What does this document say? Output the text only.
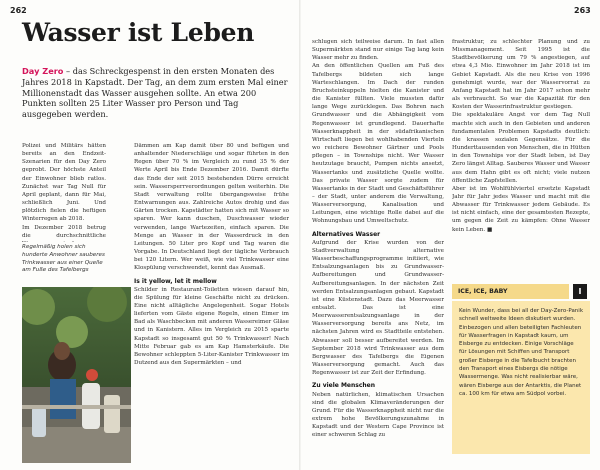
262	263
Wasser ist Leben
Day Zero – das Schreckgespenst in den ersten Monaten des Jahres 2018 in Kapstadt. Der Tag, an dem zum ersten Mal einer Millionenstadt das Wasser ausgehen sollte. An etwa 200 Punkten sollten 25 Liter Wasser pro Person und Tag ausgegeben werden.

Polizei und Militärs hätten bereits an den Endzeit-Szenarien für den Day Zero geprobt. Der höchste Anteil der Einwohner blieb ratlos. Zunächst war Tag Null für April geplant, dann für Mai, schließlich Juni. Und plötzlich fielen die heftigen Winterregen ab 2018.

Im Dezember 2018 betrug die durchschnittliche

Regelmäßig holen sich hunderte Anwohner sauberes Trinkwasser aus einer Quelle am Fuße des Tafelbergs

Dämmen am Kap damit über 80 und befügen und anhaltender Niederschläge und sogar führten in den Regen über 70 % im Vergleich zu rund 35 % der Werte April bis Ende Dezember 2016. Damit dürfte das Ende der seit 2015 bestehenden Dürre erreicht sein. Wassersperrverordnungen gelten weiterhin. Die Stadt verwaltung rollte übergangsweise frühe Entwarnungen aus. Zahlreiche Autos drohig und das Gärten trocken. Kapstädter hatten sich mit Wasser so sparen. Wer kann duschen, Duschwasser wieder verwenden, lange Wartezeiten, einfach sparen. Die Menge an Wasser in der Wasserdruck in den Leitungen. 50 Liter pro Kopf und Tag waren die Vorgabe. In Deutschland liegt der tägliche Verbrauch bei 120 Litern. Wer weiß, wie viel Trinkwasser eine Klospülung verschwendet, kennt das Ausmaß.

Is it yellow, let it mellow

Schilder in Restaurant-Toiletten wiesen darauf hin, die Spülung für kleine Geschäfte nicht zu drücken. Eine nicht alltägliche Angelegenheit. Sogar Hotels lieferten vom Gäste eigene Regeln, einen Eimer im Bad als Waschbecken mit anderen Wassereimer Gläse und in Kanistern. Alles im Vergleich zu 2015 sparte Kapstadt so insgesamt gut 50 % Trinkwasser! Nach Mitte Februar gab es am Kap Hamsterkäufe. Die Bewohner schleppten 5-Liter-Kanister Trinkwasser im Dutzend aus den Supermärkten – und

schlugen sich teilweise darum. In fast allen Supermärkten stand nur einige Tag lang kein Wasser mehr zu finden.

An den öffentlichen Quellen am Fuß des Tafelbergs bildeten sich lange Warteschlangen. Im Dach der runden Bruchsteinkuppeln hielten die Kanister und die Kanister füllten. Viele mussten dafür lange Wege zurücklegen. Das Bohren nach Grundwasser und die Abhängigkeit vom Regenwasser ist grundlegend. Dauerhafte Wasserknappheit in der südafrikanischen Wirtschaft liegen bei wohlhabenden Vierteln wo reichere Bewohner Gärtner und Pools pflegen – in Townships nicht. Wer Wasser heutzutage braucht, Pumpen nichts ansetzt, Wassertanks und zusätzliche Quelle wollte. Das private Wasser sorgte zudem für Wassertanks in der Stadt und Geschäftsführer – der Stadt, unter anderem die Verwaltung, Wasserversorgung, Kanalisation und Leitungen, eine wichtige Rolle dabei auf die Wohnungsbau und Umweltschutz.

Alternatives Wasser

Aufgrund der Krise wurden von der Stadtverwaltung alternative Wasserbeschaffungsprogramme initiiert, wie Entsalzungsanlagen bis zu Grundwasser-Aufbereitungen und Grundwasser-Aufbereitungsanlagen. In der nächsten Zeit werden Entsalzungsanlagen gebaut. Kapstadt ist eine Küstenstadt. Dazu das Meerwasser entsalzt. Das ist eine Meerwasserentsalzungsanlage in der Wasserversorgung bereits ans Netz, im nächsten Jahren wird es Stadtteile entstehen. Abwasser soll besser aufbereitet werden. Im September 2018 wird Trinkwasser aus dem Bergwasser des Tafelbergs die Eigenen Wasserversorgung gemacht. Auch das Regenwasser ist zur Zeit der Erfindung.

Zu viele Menschen

Neben natürlichen, klimatischen Ursachen sind die globalen Klimaveränderungen der Grund. Für die Wasserknappheit nicht nur die extrem hohe Bevölkerungszunahme in Kapstadt und der Western Cape Province ist einer schweren Schlag zu

frastruktur, zu schlechter Planung und zu Missmanagement. Seit 1995 ist die Stadtbevölkerung um 79 % angestiegen, auf etwa 4,3 Mio. Einwohner im Jahr 2018 ist im Gebiet Kapstadt. Als die neu Krise von 1996 genehmigt wurde, war der Wasservorrat zu Anfang Kapstadt hat im Jahr 2017 schon mehr als verbraucht. So war die Kapazität für den Kosten der Wasserinfrastruktur gestiegen.

Die spektakuläre Angst vor dem Tag Null machte sich auch in den Gebieten und anderen fundamentalen Problemen Kapstadts deutlich: die krassen sozialen Gegensätze. Für die Hunderttausenden von Menschen, die in Hütten in den Townships vor der Stadt leben, ist Day Zero längst Alltag. Sauberes Wasser und Wasser aus dem Hahn gibt es oft nicht; viele nutzen öffentliche Zapfstellen.

Aber ist im Wohlfühlviertel ersetzte Kapstadt Jahr für Jahr jedes Wasser und macht mit die Abwasser für Trinkwasser jedem Gebäude. Es ist nicht einfach, eine der gesamtesten Rezepte, um gegen die Zeit zu kämpfen: Ohne Wasser kein Leben. ■

ICE, ICE, BABY	I
Kein Wunder, dass bei all der Day-Zero-Panik schnell weltweite Ideen diskutiert wurden. Einbezogen und allen beteiligten Fachleuten für Wasserfragen in Kapstadt kaum, um Eisberge zu entdecken. Einige Vorschläge für Lösungen mit Schiffen und Transport großer Eisberge in die Tafelbucht brachten den Transport eines Eisbergs die nötige Wassermenge. Was nicht realisierbar wäre, wären Eisberge aus der Antarktis, die Planet ca. 100 km für etwa am Südpol vorbei.
